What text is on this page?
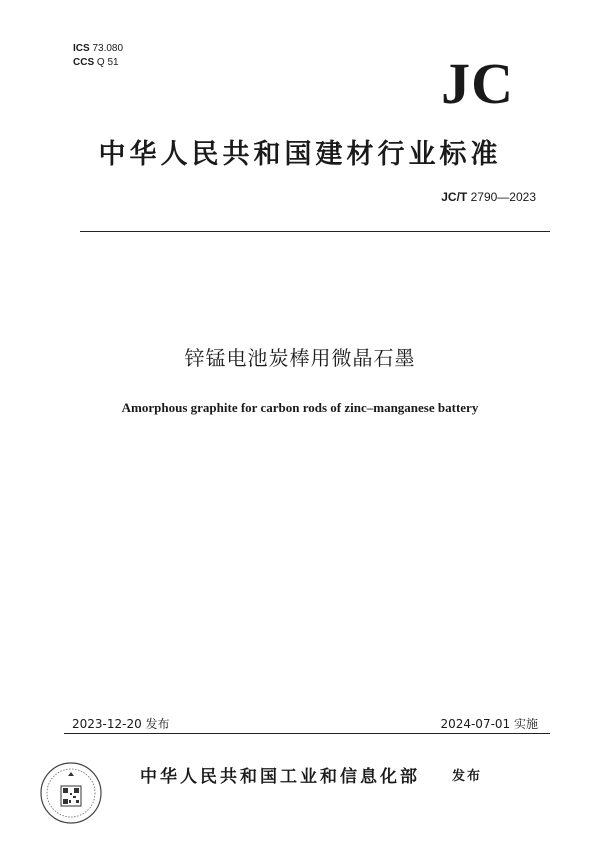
ICS 73.080
CCS Q 51	JC
中华人民共和国建材行业标准
JC/T 2790—2023
锌锰电池炭棒用微晶石墨
Amorphous graphite for carbon rods of zinc–manganese battery
2023-12-20 发布	2024-07-01 实施
中华人民共和国工业和信息化部 发布
